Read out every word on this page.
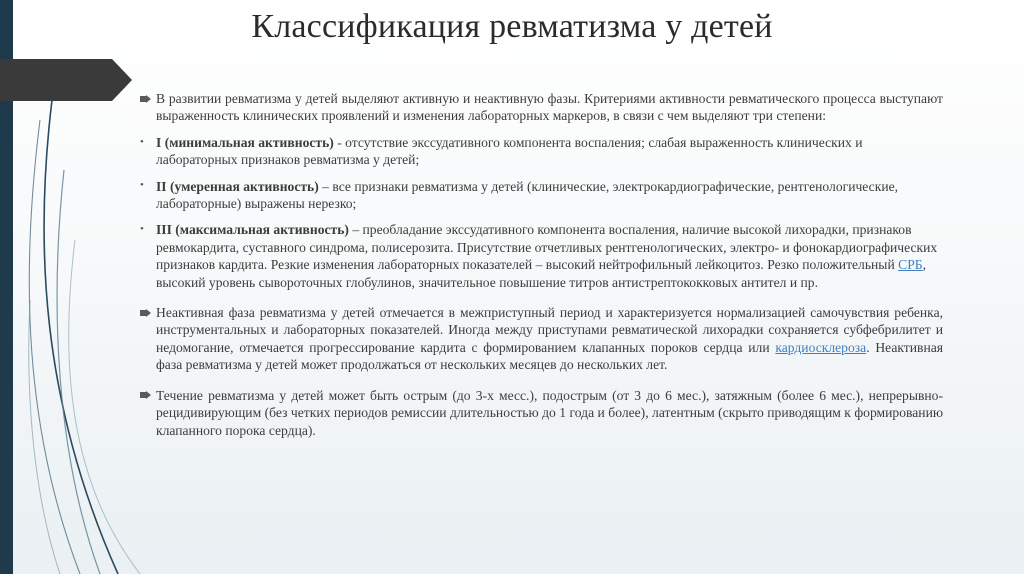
Классификация ревматизма у детей

В развитии ревматизма у детей выделяют активную и неактивную фазы. Критериями активности ревматического процесса выступают выраженность клинических проявлений и изменения лабораторных маркеров, в связи с чем выделяют три степени:

• I (минимальная активность) - отсутствие экссудативного компонента воспаления; слабая выраженность клинических и лабораторных признаков ревматизма у детей;

• II (умеренная активность) – все признаки ревматизма у детей (клинические, электрокардиографические, рентгенологические, лабораторные) выражены нерезко;

• III (максимальная активность) – преобладание экссудативного компонента воспаления, наличие высокой лихорадки, признаков ревмокардита, суставного синдрома, полисерозита. Присутствие отчетливых рентгенологических, электро- и фонокардиографических признаков кардита. Резкие изменения лабораторных показателей – высокий нейтрофильный лейкоцитоз. Резко положительный СРБ, высокий уровень сывороточных глобулинов, значительное повышение титров антистрептококковых антител и пр.

Неактивная фаза ревматизма у детей отмечается в межприступный период и характеризуется нормализацией самочувствия ребенка, инструментальных и лабораторных показателей. Иногда между приступами ревматической лихорадки сохраняется субфебрилитет и недомогание, отмечается прогрессирование кардита с формированием клапанных пороков сердца или кардиосклероза. Неактивная фаза ревматизма у детей может продолжаться от нескольких месяцев до нескольких лет.

Течение ревматизма у детей может быть острым (до 3-х месс.), подострым (от 3 до 6 мес.), затяжным (более 6 мес.), непрерывно-рецидивирующим (без четких периодов ремиссии длительностью до 1 года и более), латентным (скрыто приводящим к формированию клапанного порока сердца).
